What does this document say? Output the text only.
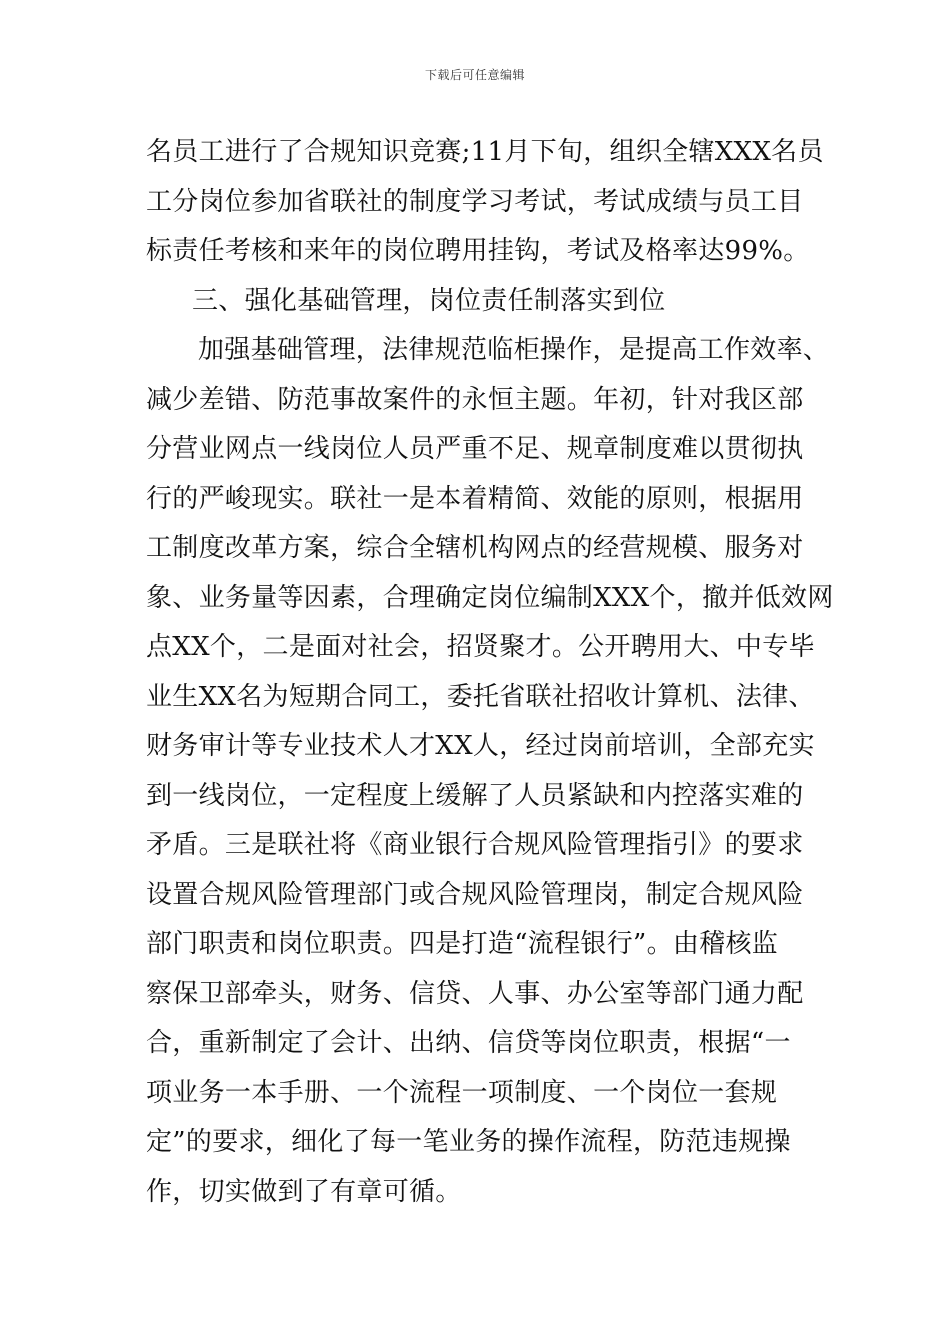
下载后可任意编辑
名员工进行了合规知识竞赛;11月下旬，组织全辖XXX名员
工分岗位参加省联社的制度学习考试，考试成绩与员工目
标责任考核和来年的岗位聘用挂钩，考试及格率达99%。
三、强化基础管理，岗位责任制落实到位
加强基础管理，法律规范临柜操作，是提高工作效率、
减少差错、防范事故案件的永恒主题。年初，针对我区部
分营业网点一线岗位人员严重不足、规章制度难以贯彻执
行的严峻现实。联社一是本着精简、效能的原则，根据用
工制度改革方案，综合全辖机构网点的经营规模、服务对
象、业务量等因素，合理确定岗位编制XXX个，撤并低效网
点XX个，二是面对社会，招贤聚才。公开聘用大、中专毕
业生XX名为短期合同工，委托省联社招收计算机、法律、
财务审计等专业技术人才XX人，经过岗前培训，全部充实
到一线岗位，一定程度上缓解了人员紧缺和内控落实难的
矛盾。三是联社将《商业银行合规风险管理指引》的要求
设置合规风险管理部门或合规风险管理岗，制定合规风险
部门职责和岗位职责。四是打造“流程银行”。由稽核监
察保卫部牵头，财务、信贷、人事、办公室等部门通力配
合，重新制定了会计、出纳、信贷等岗位职责，根据“一
项业务一本手册、一个流程一项制度、一个岗位一套规
定”的要求，细化了每一笔业务的操作流程，防范违规操
作，切实做到了有章可循。
